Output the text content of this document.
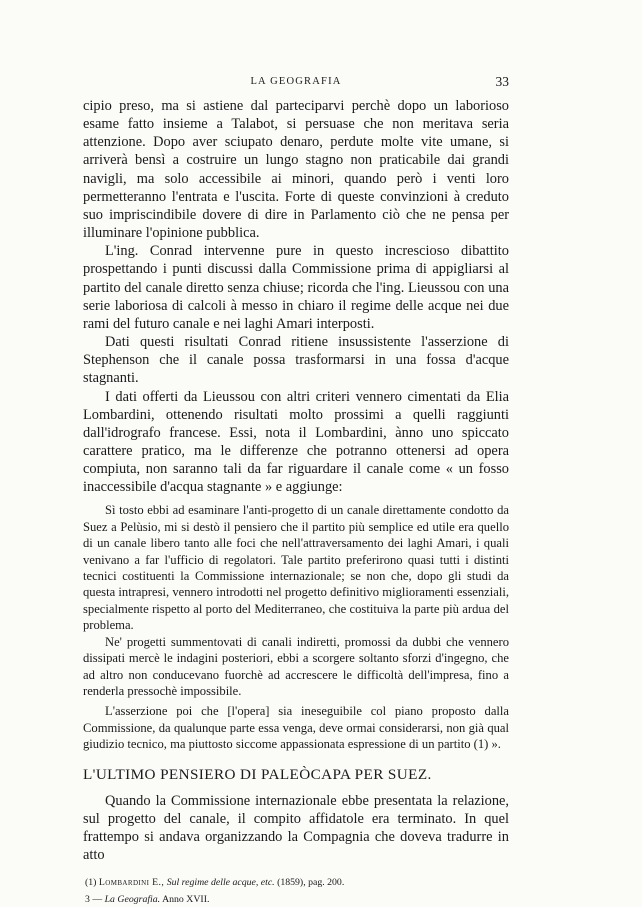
LA GEOGRAFIA	33

cipio preso, ma si astiene dal parteciparvi perchè dopo un laborioso esame fatto insieme a Talabot, si persuase che non meritava seria attenzione. Dopo aver sciupato denaro, perdute molte vite umane, si arriverà bensì a costruire un lungo stagno non praticabile dai grandi navigli, ma solo accessibile ai minori, quando però i venti loro permetteranno l'entrata e l'uscita. Forte di queste convinzioni à creduto suo impriscindibile dovere di dire in Parlamento ciò che ne pensa per illuminare l'opinione pubblica.

L'ing. Conrad intervenne pure in questo increscioso dibattito prospettando i punti discussi dalla Commissione prima di appigliarsi al partito del canale diretto senza chiuse; ricorda che l'ing. Lieussou con una serie laboriosa di calcoli à messo in chiaro il regime delle acque nei due rami del futuro canale e nei laghi Amari interposti.

Dati questi risultati Conrad ritiene insussistente l'asserzione di Stephenson che il canale possa trasformarsi in una fossa d'acque stagnanti.

I dati offerti da Lieussou con altri criteri vennero cimentati da Elia Lombardini, ottenendo risultati molto prossimi a quelli raggiunti dall'idrografo francese. Essi, nota il Lombardini, ànno uno spiccato carattere pratico, ma le differenze che potranno ottenersi ad opera compiuta, non saranno tali da far riguardare il canale come « un fosso inaccessibile d'acqua stagnante » e aggiunge:

Sì tosto ebbi ad esaminare l'anti-progetto di un canale direttamente condotto da Suez a Pelùsio, mi si destò il pensiero che il partito più semplice ed utile era quello di un canale libero tanto alle foci che nell'attraversamento dei laghi Amari, i quali venivano a far l'ufficio di regolatori. Tale partito preferirono quasi tutti i distinti tecnici costituenti la Commissione internazionale; se non che, dopo gli studi da questa intrapresi, vennero introdotti nel progetto definitivo miglioramenti essenziali, specialmente rispetto al porto del Mediterraneo, che costituiva la parte più ardua del problema.

Ne' progetti summentovati di canali indiretti, promossi da dubbi che vennero dissipati mercè le indagini posteriori, ebbi a scorgere soltanto sforzi d'ingegno, che ad altro non conducevano fuorchè ad accrescere le difficoltà dell'impresa, fino a renderla pressochè impossibile.

L'asserzione poi che [l'opera] sia ineseguibile col piano proposto dalla Commissione, da qualunque parte essa venga, deve ormai considerarsi, non già qual giudizio tecnico, ma piuttosto siccome appassionata espressione di un partito (1) ».

L'ULTIMO PENSIERO DI PALEÒCAPA PER SUEZ.

Quando la Commissione internazionale ebbe presentata la relazione, sul progetto del canale, il compito affidatole era terminato. In quel frattempo si andava organizzando la Compagnia che doveva tradurre in atto

(1) Lombardini E., Sul regime delle acque, etc. (1859), pag. 200.
3 — La Geografia. Anno XVII.
